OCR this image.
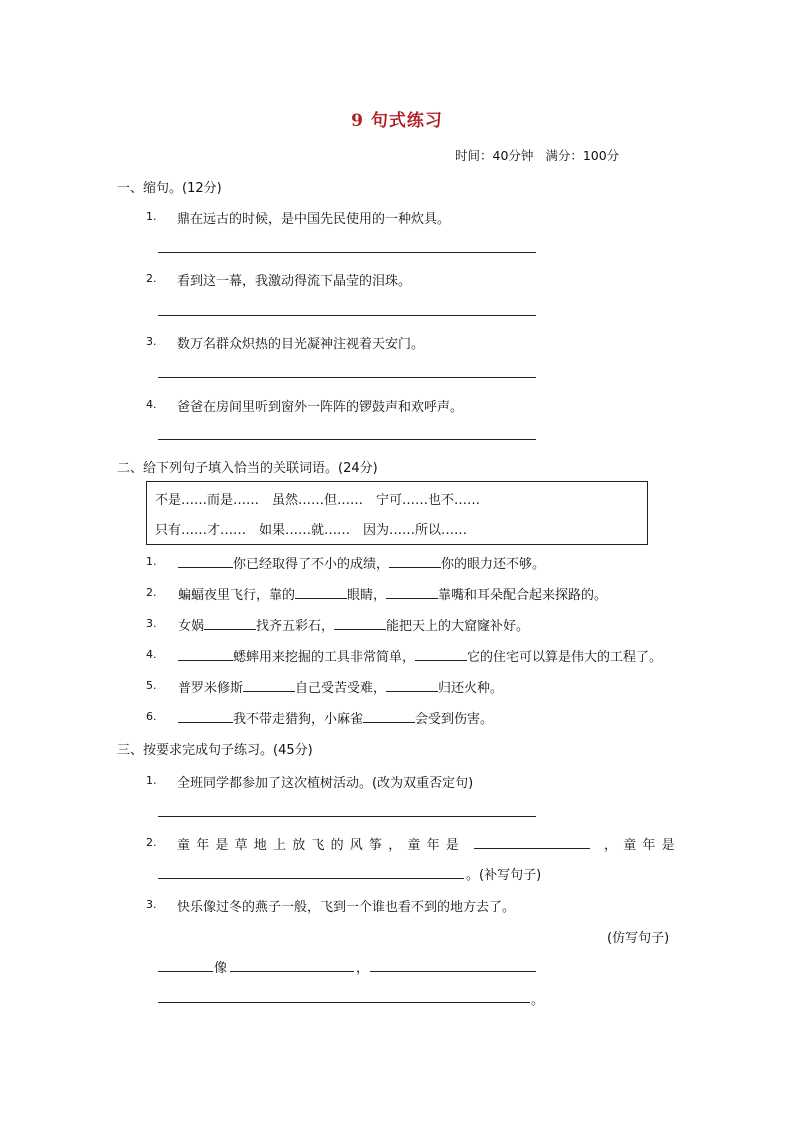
9 句式练习
时间：40分钟 满分：100分
一、缩句。(12分)
1. 鼎在远古的时候，是中国先民使用的一种炊具。
2. 看到这一幕，我激动得流下晶莹的泪珠。
3. 数万名群众炽热的目光凝神注视着天安门。
4. 爸爸在房间里听到窗外一阵阵的锣鼓声和欢呼声。
二、给下列句子填入恰当的关联词语。(24分)
不是……而是……　虽然……但……　宁可……也不……
只有……才……　如果……就……　因为……所以……
1.	你已经取得了不小的成绩，	你的眼力还不够。
2. 蝙蝠夜里飞行，靠的	眼睛，	靠嘴和耳朵配合起来探路的。
3. 女娲	找齐五彩石，	能把天上的大窟窿补好。
4.	蟋蟀用来挖掘的工具非常简单，	它的住宅可以算是伟大的工程了。
5. 普罗米修斯	自己受苦受难，	归还火种。
6.	我不带走猎狗，小麻雀	会受到伤害。
三、按要求完成句子练习。(45分)
1. 全班同学都参加了这次植树活动。(改为双重否定句)
2. 童年是草地上放飞的风筝，童年是	，童年是
。(补写句子)
3. 快乐像过冬的燕子一般，飞到一个谁也看不到的地方去了。
(仿写句子)
像	，
。
